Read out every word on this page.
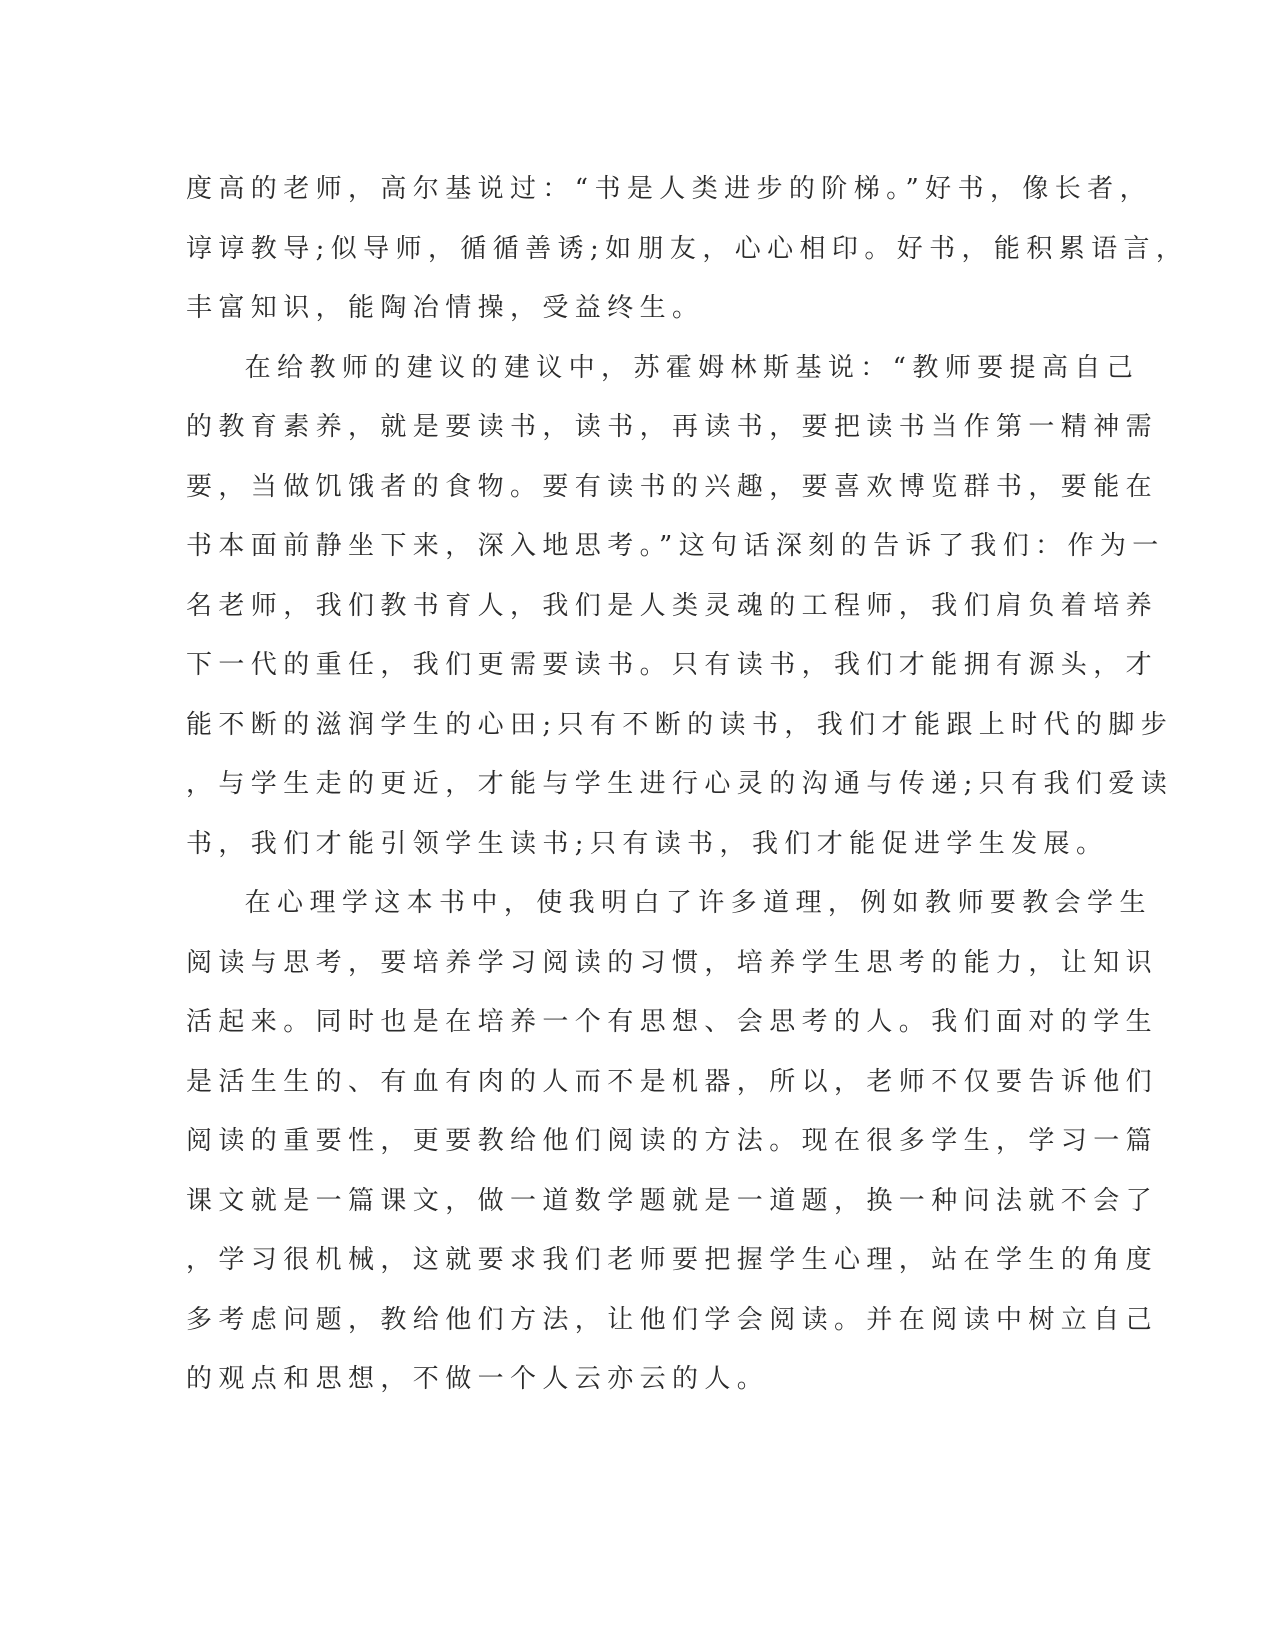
度高的老师，高尔基说过：“书是人类进步的阶梯。”好书，像长者，
谆谆教导;似导师，循循善诱;如朋友，心心相印。好书，能积累语言，
丰富知识，能陶冶情操，受益终生。
在给教师的建议的建议中，苏霍姆林斯基说：“教师要提高自己
的教育素养，就是要读书，读书，再读书，要把读书当作第一精神需
要，当做饥饿者的食物。要有读书的兴趣，要喜欢博览群书，要能在
书本面前静坐下来，深入地思考。”这句话深刻的告诉了我们：作为一
名老师，我们教书育人，我们是人类灵魂的工程师，我们肩负着培养
下一代的重任，我们更需要读书。只有读书，我们才能拥有源头，才
能不断的滋润学生的心田;只有不断的读书，我们才能跟上时代的脚步
，与学生走的更近，才能与学生进行心灵的沟通与传递;只有我们爱读
书，我们才能引领学生读书;只有读书，我们才能促进学生发展。
在心理学这本书中，使我明白了许多道理，例如教师要教会学生
阅读与思考，要培养学习阅读的习惯，培养学生思考的能力，让知识
活起来。同时也是在培养一个有思想、会思考的人。我们面对的学生
是活生生的、有血有肉的人而不是机器，所以，老师不仅要告诉他们
阅读的重要性，更要教给他们阅读的方法。现在很多学生，学习一篇
课文就是一篇课文，做一道数学题就是一道题，换一种问法就不会了
，学习很机械，这就要求我们老师要把握学生心理，站在学生的角度
多考虑问题，教给他们方法，让他们学会阅读。并在阅读中树立自己
的观点和思想，不做一个人云亦云的人。
